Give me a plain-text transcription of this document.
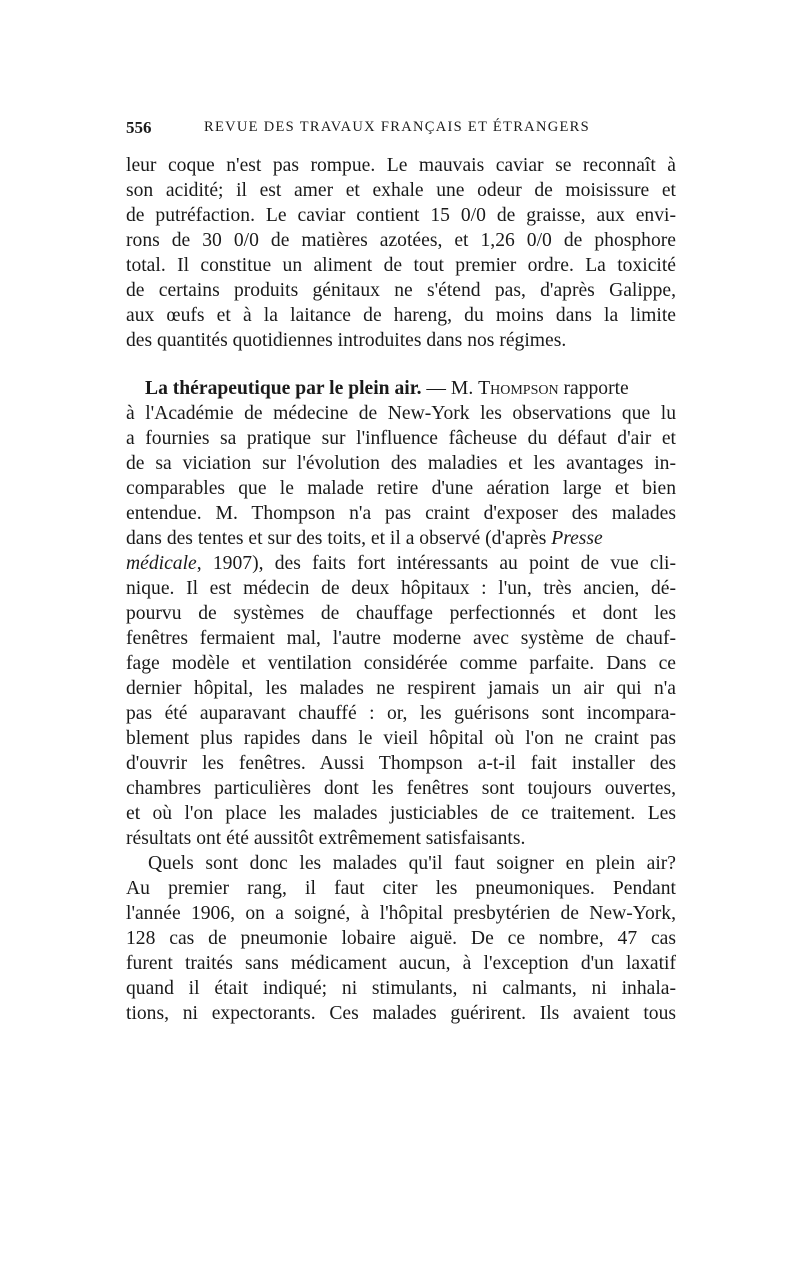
556	REVUE DES TRAVAUX FRANÇAIS ET ÉTRANGERS
leur coque n'est pas rompue. Le mauvais caviar se reconnaît à
son acidité; il est amer et exhale une odeur de moisissure et
de putréfaction. Le caviar contient 15 0/0 de graisse, aux envi-
rons de 30 0/0 de matières azotées, et 1,26 0/0 de phosphore
total. Il constitue un aliment de tout premier ordre. La toxicité
de certains produits génitaux ne s'étend pas, d'après Galippe,
aux œufs et à la laitance de hareng, du moins dans la limite
des quantités quotidiennes introduites dans nos régimes.
La thérapeutique par le plein air. — M. Thompson rapporte
à l'Académie de médecine de New-York les observations que lu
a fournies sa pratique sur l'influence fâcheuse du défaut d'air et
de sa viciation sur l'évolution des maladies et les avantages in-
comparables que le malade retire d'une aération large et bien
entendue. M. Thompson n'a pas craint d'exposer des malades
dans des tentes et sur des toits, et il a observé (d'après Presse
médicale, 1907), des faits fort intéressants au point de vue cli-
nique. Il est médecin de deux hôpitaux : l'un, très ancien, dé-
pourvu de systèmes de chauffage perfectionnés et dont les
fenêtres fermaient mal, l'autre moderne avec système de chauf-
fage modèle et ventilation considérée comme parfaite. Dans ce
dernier hôpital, les malades ne respirent jamais un air qui n'a
pas été auparavant chauffé : or, les guérisons sont incompara-
blement plus rapides dans le vieil hôpital où l'on ne craint pas
d'ouvrir les fenêtres. Aussi Thompson a-t-il fait installer des
chambres particulières dont les fenêtres sont toujours ouvertes,
et où l'on place les malades justiciables de ce traitement. Les
résultats ont été aussitôt extrêmement satisfaisants.
Quels sont donc les malades qu'il faut soigner en plein air?
Au premier rang, il faut citer les pneumoniques. Pendant
l'année 1906, on a soigné, à l'hôpital presbytérien de New-York,
128 cas de pneumonie lobaire aiguë. De ce nombre, 47 cas
furent traités sans médicament aucun, à l'exception d'un laxatif
quand il était indiqué; ni stimulants, ni calmants, ni inhala-
tions, ni expectorants. Ces malades guérirent. Ils avaient tous
